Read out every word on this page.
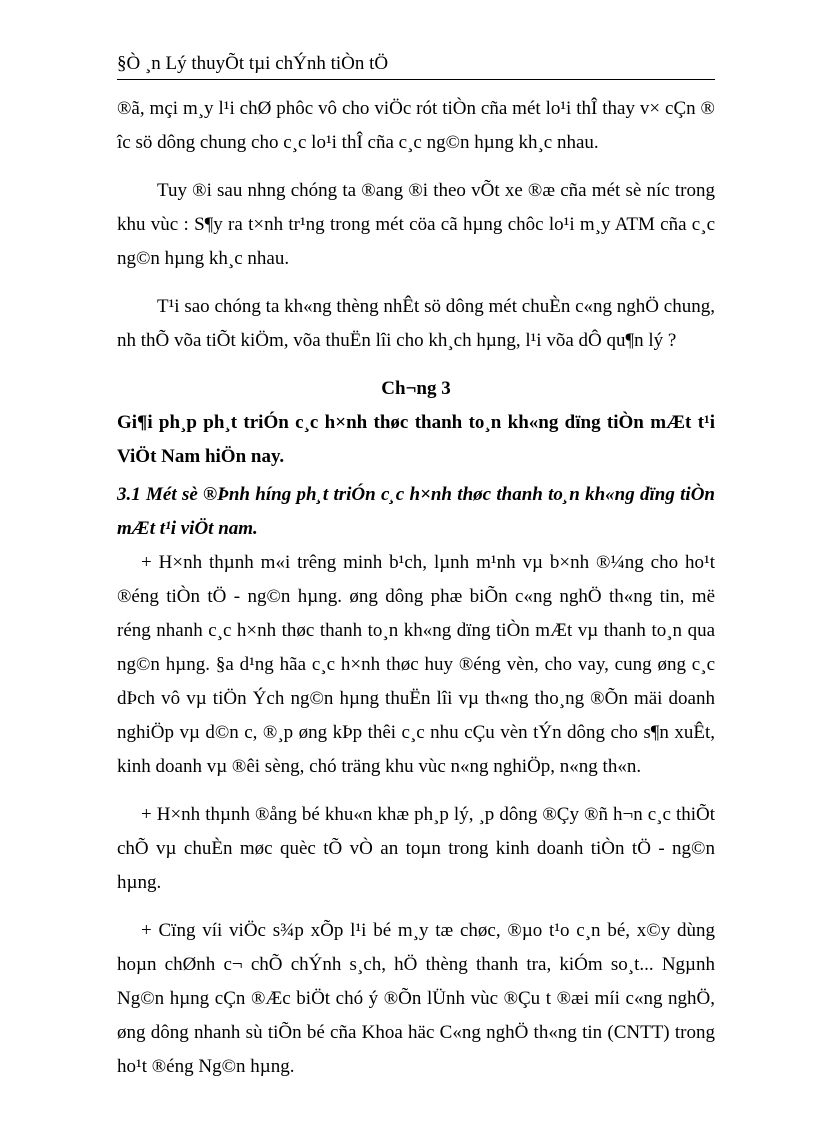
§Ò ¸n Lý thuyÕt tµi chÝnh tiÒn tÖ

®ã, mçi m¸y l¹i chØ phôc vô cho viÖc rót tiÒn cña mét lo¹i thÎ thay v× cÇn ® îc sö dông chung cho c¸c lo¹i thÎ cña c¸c ng©n hµng kh¸c nhau.

Tuy ®i sau nhng chóng ta ®ang ®i theo vÕt xe ®æ cña mét sè níc trong khu vùc : S¶y ra t×nh tr¹ng trong mét cöa cã hµng chôc lo¹i m¸y ATM cña c¸c ng©n hµng kh¸c nhau.

T¹i sao chóng ta kh«ng thèng nhÊt sö dông mét chuÈn c«ng nghÖ chung, nh thÕ võa tiÕt kiÖm, võa thuËn lîi cho kh¸ch hµng, l¹i võa dÔ qu¶n lý ?

Ch¬ng 3

Gi¶i ph¸p ph¸t triÓn c¸c h×nh thøc thanh to¸n kh«ng dïng tiÒn mÆt t¹i ViÖt Nam hiÖn nay.

3.1 Mét sè ®Þnh híng ph¸t triÓn c¸c h×nh thøc thanh to¸n kh«ng dïng tiÒn mÆt t¹i viÖt nam.

+ H×nh thµnh m«i trêng minh b¹ch, lµnh m¹nh vµ b×nh ®¼ng cho ho¹t ®éng tiÒn tÖ - ng©n hµng. øng dông phæ biÕn c«ng nghÖ th«ng tin, më réng nhanh c¸c h×nh thøc thanh to¸n kh«ng dïng tiÒn mÆt vµ thanh to¸n qua ng©n hµng. §a d¹ng hãa c¸c h×nh thøc huy ®éng vèn, cho vay, cung øng c¸c dÞch vô vµ tiÖn Ých ng©n hµng thuËn lîi vµ th«ng tho¸ng ®Õn mäi doanh nghiÖp vµ d©n c, ®¸p øng kÞp thêi c¸c nhu cÇu vèn tÝn dông cho s¶n xuÊt, kinh doanh vµ ®êi sèng, chó träng khu vùc n«ng nghiÖp, n«ng th«n.

+ H×nh thµnh ®ång bé khu«n khæ ph¸p lý, ¸p dông ®Çy ®ñ h¬n c¸c thiÕt chÕ vµ chuÈn møc quèc tÕ vÒ an toµn trong kinh doanh tiÒn tÖ - ng©n hµng.

+ Cïng víi viÖc s¾p xÕp l¹i bé m¸y tæ chøc, ®µo t¹o c¸n bé, x©y dùng hoµn chØnh c¬ chÕ chÝnh s¸ch, hÖ thèng thanh tra, kiÓm so¸t... Ngµnh Ng©n hµng cÇn ®Æc biÖt chó ý ®Õn lÜnh vùc ®Çu t ®æi míi c«ng nghÖ, øng dông nhanh sù tiÕn bé cña Khoa häc C«ng nghÖ th«ng tin (CNTT) trong ho¹t ®éng Ng©n hµng.
